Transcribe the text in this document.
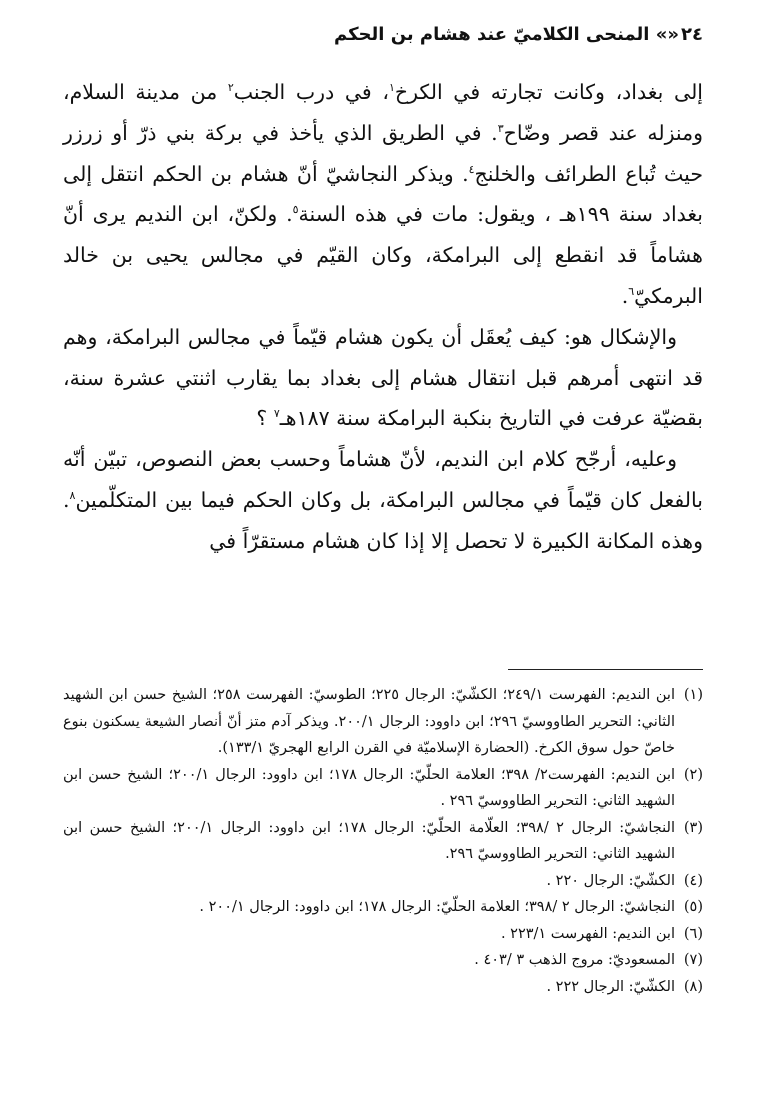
٢٤«» المنحى الكلاميّ عند هشام بن الحكم

إلى بغداد، وكانت تجارته في الكرخ$^١$، في درب الجنب$^٢$ من مدينة السلام، ومنزله عند قصر وضّاح$^٣$. في الطريق الذي يأخذ في بركة بني ذرّ أو زرزر حيث تُباع الطرائف والخلنج$^٤$. ويذكر النجاشيّ أنّ هشام بن الحكم انتقل إلى بغداد سنة ١٩٩هـ ، ويقول: مات في هذه السنة$^٥$. ولكنّ، ابن النديم يرى أنّ هشاماً قد انقطع إلى البرامكة، وكان القيّم في مجالس يحيى بن خالد البرمكيّ$^٦$.

والإشكال هو: كيف يُعقَل أن يكون هشام قيّماً في مجالس البرامكة، وهم قد انتهى أمرهم قبل انتقال هشام إلى بغداد بما يقارب اثنتي عشرة سنة، بقضيّة عرفت في التاريخ بنكبة البرامكة سنة ١٨٧هـ$^٧$ ؟

وعليه، أرجّح كلام ابن النديم، لأنّ هشاماً وحسب بعض النصوص، تبيّن أنّه بالفعل كان قيّماً في مجالس البرامكة، بل وكان الحكم فيما بين المتكلّمين$^٨$. وهذه المكانة الكبيرة لا تحصل إلا إذا كان هشام مستقرّاً في

(١)ابن النديم: الفهرست ٢٤٩/١؛ الكشّيّ: الرجال ٢٢٥؛ الطوسيّ: الفهرست ٢٥٨؛ الشيخ حسن ابن الشهيد الثاني: التحرير الطاووسيّ ٢٩٦؛ ابن داوود: الرجال ٢٠٠/١. ويذكر آدم متز أنّ أنصار الشيعة يسكنون بنوع خاصّ حول سوق الكرخ. (الحضارة الإسلاميّة في القرن الرابع الهجريّ ١٣٣/١).

(٢)ابن النديم: الفهرست٢/ ٣٩٨؛ العلامة الحلّيّ: الرجال ١٧٨؛ ابن داوود: الرجال ٢٠٠/١؛ الشيخ حسن ابن الشهيد الثاني: التحرير الطاووسيّ ٢٩٦ .

(٣)النجاشيّ: الرجال ٢ /٣٩٨؛ العلّامة الحلّيّ: الرجال ١٧٨؛ ابن داوود: الرجال ٢٠٠/١؛ الشيخ حسن ابن الشهيد الثاني: التحرير الطاووسيّ ٢٩٦.

(٤)الكشّيّ: الرجال ٢٢٠ .

(٥)النجاشيّ: الرجال ٢ /٣٩٨؛ العلامة الحلّيّ: الرجال ١٧٨؛ ابن داوود: الرجال ٢٠٠/١ .

(٦)ابن النديم: الفهرست ٢٢٣/١ .

(٧)المسعوديّ: مروج الذهب ٣ /٤٠٣ .

(٨)الكشّيّ: الرجال ٢٢٢ .
